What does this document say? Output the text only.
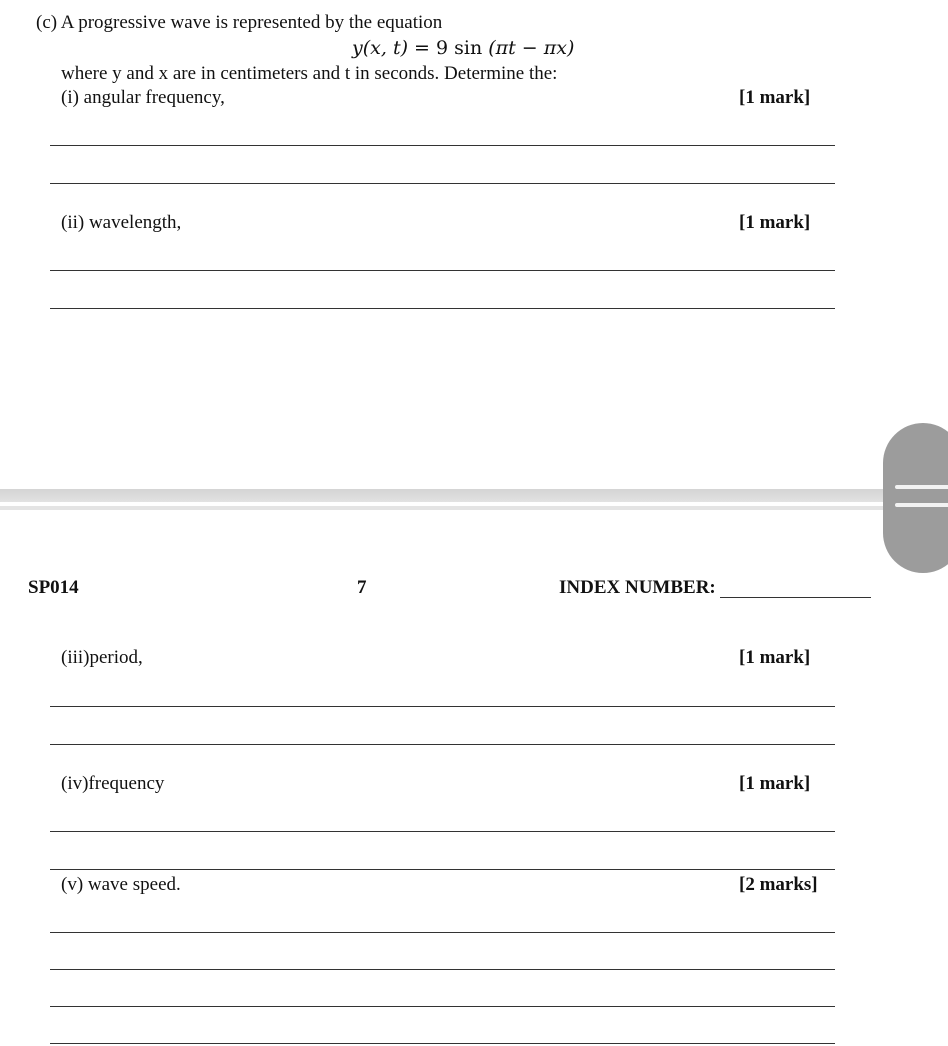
(c) A progressive wave is represented by the equation
y(x, t) = 9 sin (πt − πx)
where y and x are in centimeters and t in seconds. Determine the:
(i) angular frequency,	[1 mark]
(ii) wavelength,	[1 mark]
SP014	7	INDEX NUMBER:
(iii)period,	[1 mark]
(iv)frequency	[1 mark]
(v) wave speed.	[2 marks]
